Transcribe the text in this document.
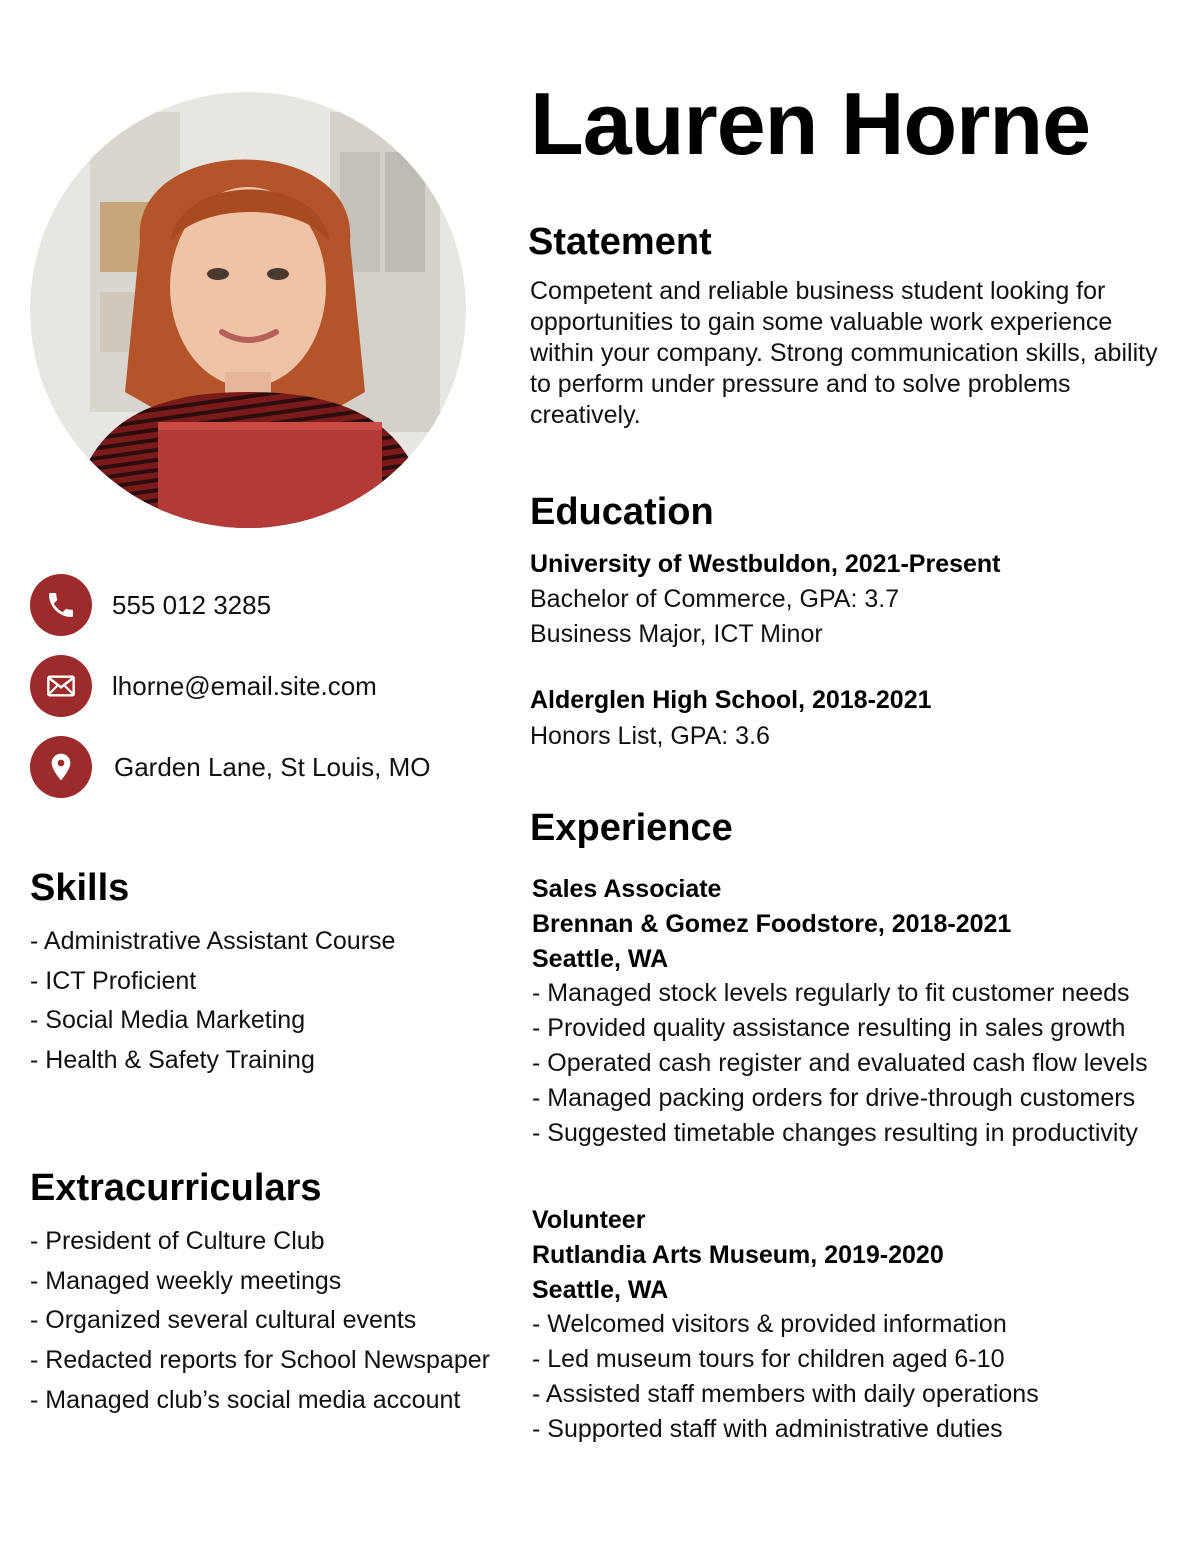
555 012 3285
lhorne@email.site.com
Garden Lane, St Louis, MO
Skills
- Administrative Assistant Course
- ICT Proficient
- Social Media Marketing
- Health & Safety Training
Extracurriculars
- President of Culture Club
- Managed weekly meetings
- Organized several cultural events
- Redacted reports for School Newspaper
- Managed club’s social media account
Lauren Horne
Statement
Competent and reliable business student looking for opportunities to gain some valuable work experience within your company. Strong communication skills, ability to perform under pressure and to solve problems creatively.
Education
University of Westbuldon, 2021-Present
Bachelor of Commerce, GPA: 3.7
Business Major, ICT Minor
Alderglen High School, 2018-2021
Honors List, GPA: 3.6
Experience
Sales Associate
Brennan & Gomez Foodstore, 2018-2021
Seattle, WA
- Managed stock levels regularly to fit customer needs
- Provided quality assistance resulting in sales growth
- Operated cash register and evaluated cash flow levels
- Managed packing orders for drive-through customers
- Suggested timetable changes resulting in productivity
Volunteer
Rutlandia Arts Museum, 2019-2020
Seattle, WA
- Welcomed visitors & provided information
- Led museum tours for children aged 6-10
- Assisted staff members with daily operations
- Supported staff with administrative duties
